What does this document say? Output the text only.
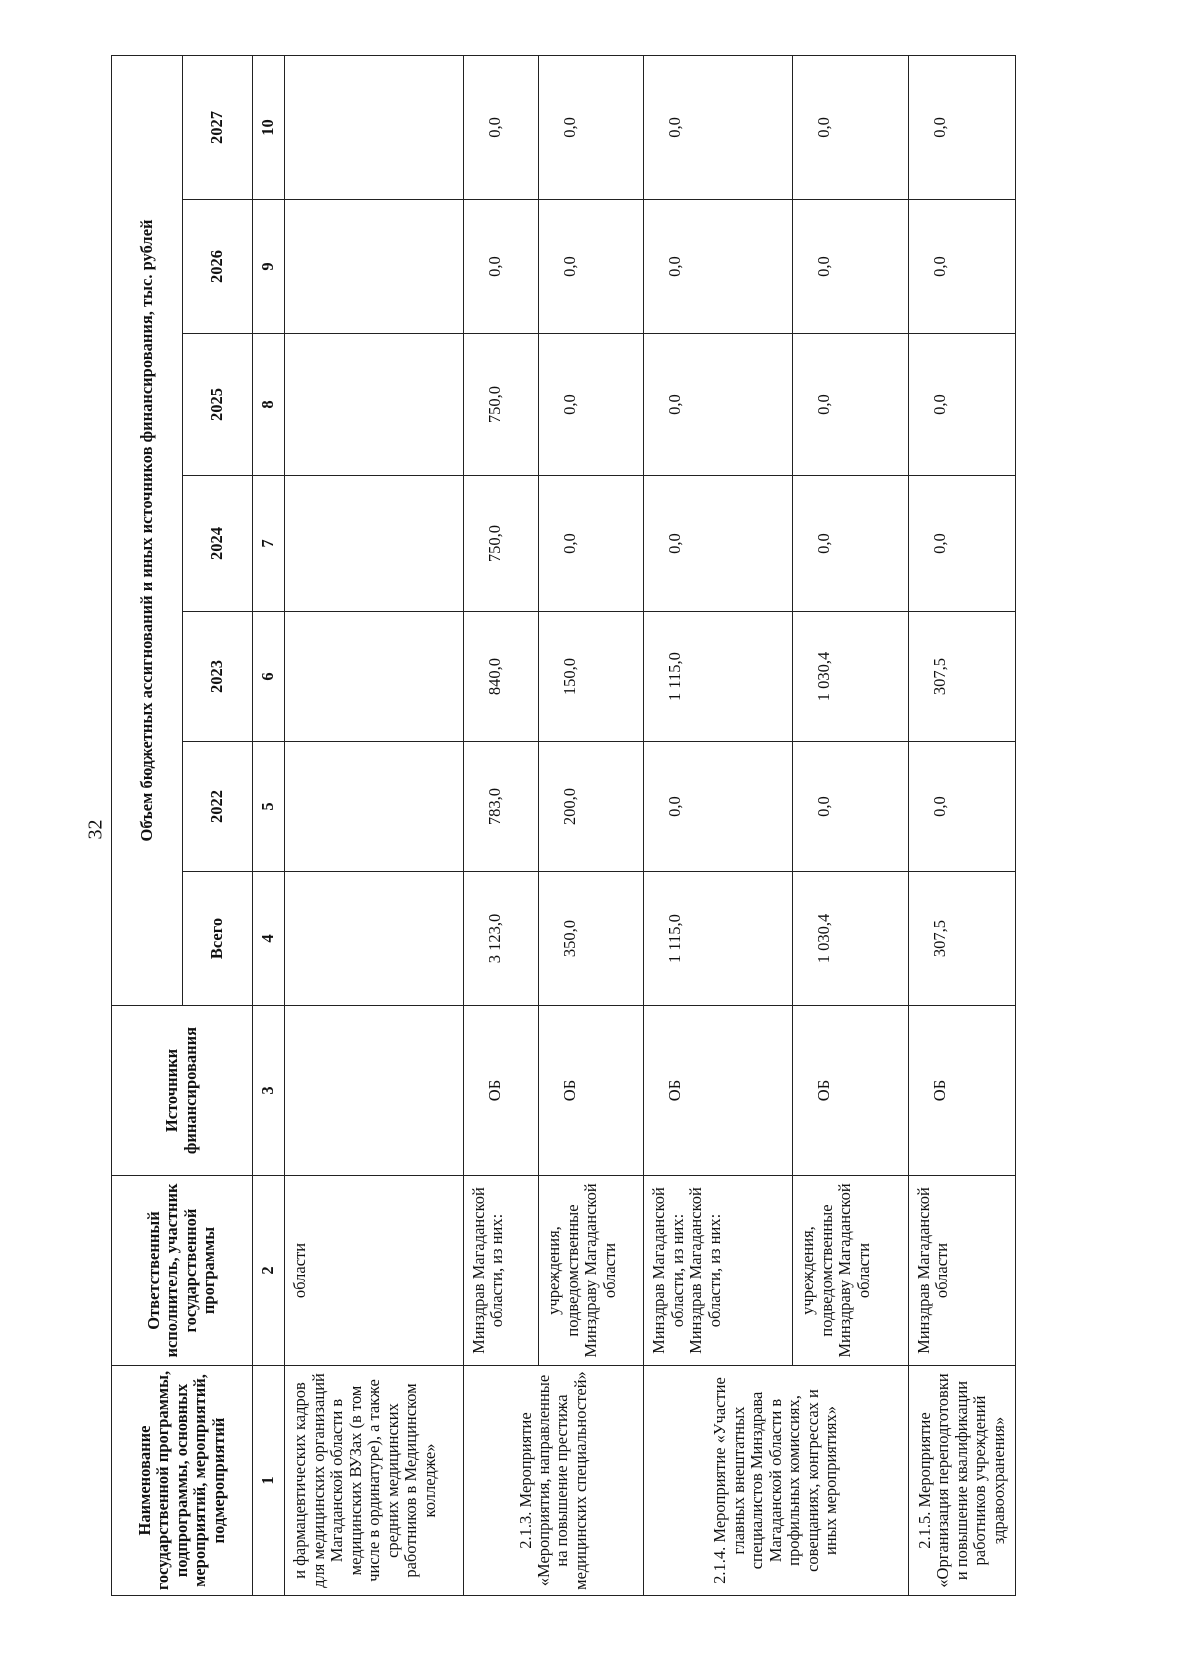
32
Наименование государственной программы, подпрограммы, основных мероприятий, мероприятий, подмероприятий	Ответственный исполнитель, участник государственной программы	Источники финансирования	Объем бюджетных ассигнований и иных источников финансирования, тыс. рублей						
			Всего	2022	2023	2024	2025	2026	2027
1	2	3	4	5	6	7	8	9	10
и фармацевтических кадров для медицинских организаций Магаданской области в медицинских ВУЗах (в том числе в ординатуре), а также средних медицинских работников в Медицинском колледже»	области								
2.1.3. Мероприятие «Мероприятия, направленные на повышение престижа медицинских специальностей»	Минздрав Магаданской области, из них:	ОБ	3 123,0	783,0	840,0	750,0	750,0	0,0	0,0
	учреждения, подведомственные Минздраву Магаданской области	ОБ	350,0	200,0	150,0	0,0	0,0	0,0	0,0
2.1.4. Мероприятие «Участие главных внештатных специалистов Минздрава Магаданской области в профильных комиссиях, совещаниях, конгрессах и иных мероприятиях»	Минздрав Магаданской области, из них: Минздрав Магаданской области, из них:	ОБ	1 115,0	0,0	1 115,0	0,0	0,0	0,0	0,0
	учреждения, подведомственные Минздраву Магаданской области	ОБ	1 030,4	0,0	1 030,4	0,0	0,0	0,0	0,0
2.1.5. Мероприятие «Организация переподготовки и повышение квалификации работников учреждений здравоохранения»	Минздрав Магаданской области	ОБ	307,5	0,0	307,5	0,0	0,0	0,0	0,0
